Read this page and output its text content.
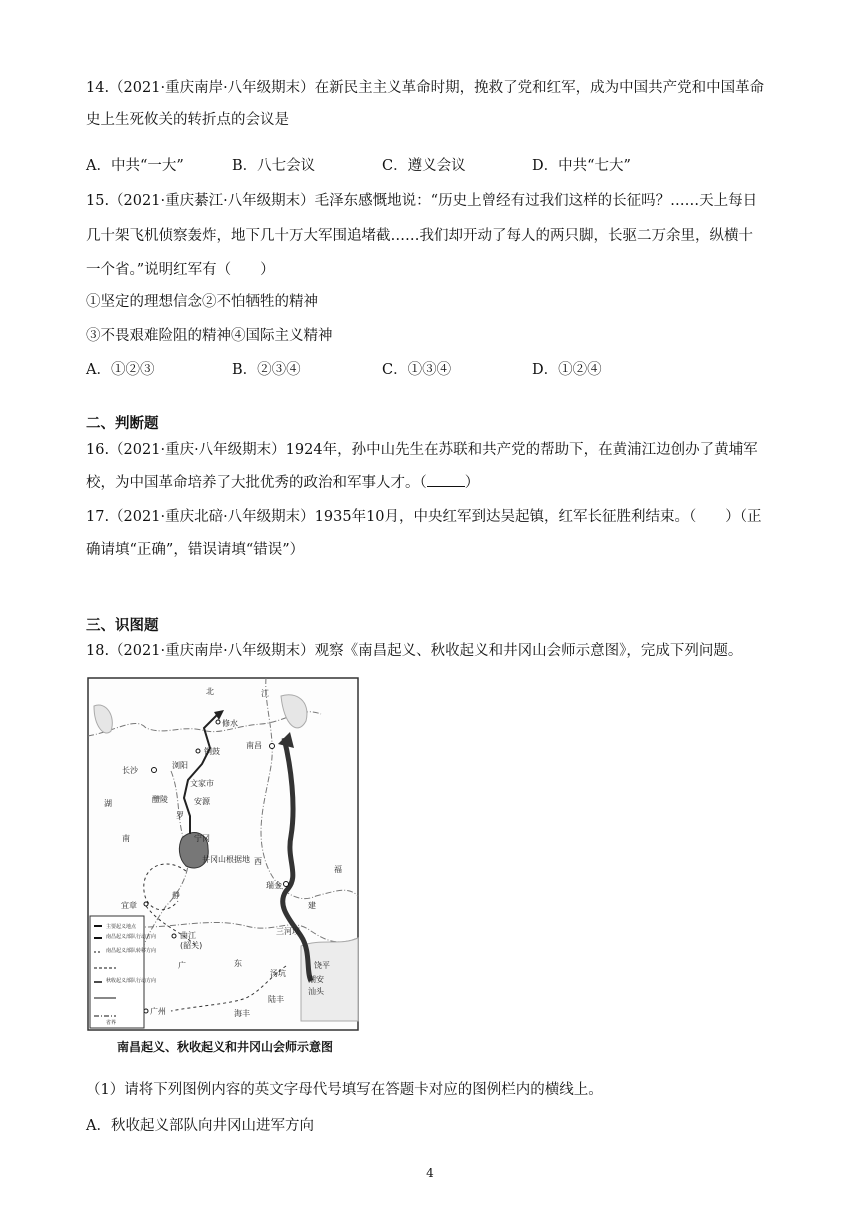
14.（2021·重庆南岸·八年级期末）在新民主主义革命时期，挽救了党和红军，成为中国共产党和中国革命
史上生死攸关的转折点的会议是
A．中共“一大”	B．八七会议	C．遵义会议	D．中共“七大”
15.（2021·重庆綦江·八年级期末）毛泽东感慨地说：“历史上曾经有过我们这样的长征吗？……天上每日
几十架飞机侦察轰炸，地下几十万大军围追堵截……我们却开动了每人的两只脚，长驱二万余里，纵横十
一个省。”说明红军有（　　）
①坚定的理想信念②不怕牺牲的精神
③不畏艰难险阻的精神④国际主义精神
A．①②③	B．②③④	C．①③④	D．①②④
二、判断题
16.（2021·重庆·八年级期末）1924年，孙中山先生在苏联和共产党的帮助下，在黄浦江边创办了黄埔军
校，为中国革命培养了大批优秀的政治和军事人才。（	）
17.（2021·重庆北碚·八年级期末）1935年10月，中央红军到达吴起镇，红军长征胜利结束。（　　）（正
确请填“正确”，错误请填“错误”）
三、识图题
18.（2021·重庆南岸·八年级期末）观察《南昌起义、秋收起义和井冈山会师示意图》，完成下列问题。
北	江
修水
铜鼓
南昌
长沙
浏阳
文家市
醴陵	安源
湖
南
罗
宁冈
井冈山根据地 西
瑞金
宜章
静
曲江
(韶关)
建
福
三河坝
饶平
广	东
汤坑
潮安
汕头
广州
陆丰
海丰
主要起义地点
南昌起义部队行动方向
南昌起义部队转移方向
秋收起义部队行动方向
省界
南昌起义、秋收起义和井冈山会师示意图
（1）请将下列图例内容的英文字母代号填写在答题卡对应的图例栏内的横线上。
A．秋收起义部队向井冈山进军方向
4
